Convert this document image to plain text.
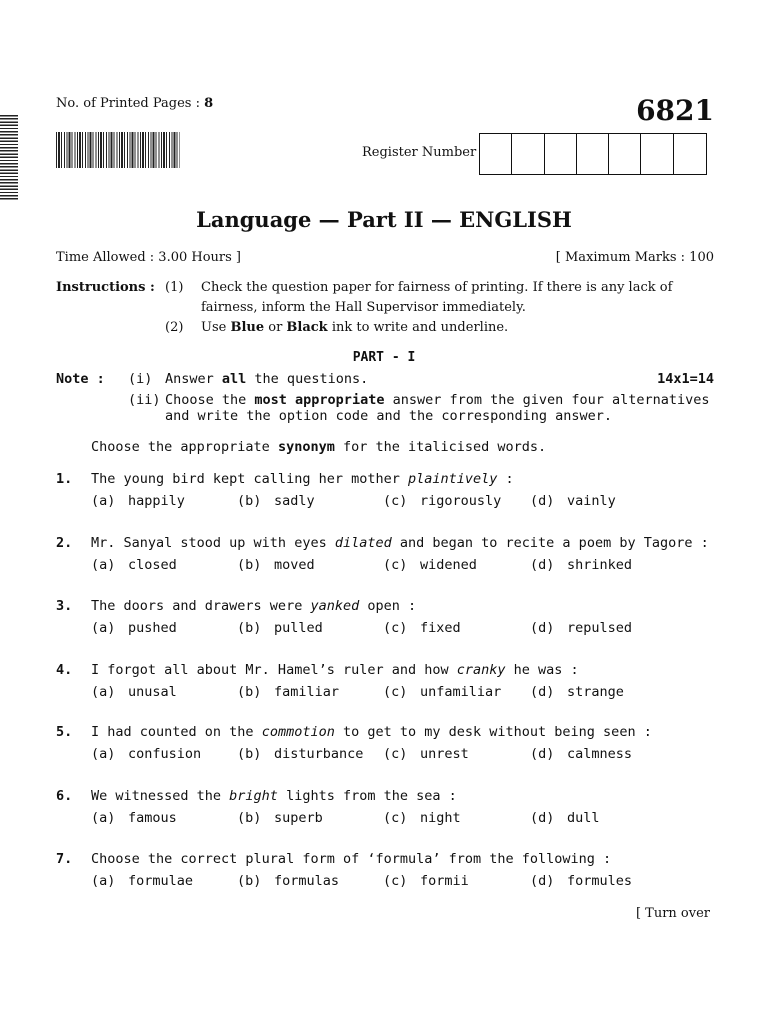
No. of Printed Pages : 8	6821
Register Number
Language — Part II — ENGLISH
Time Allowed : 3.00 Hours ]	[ Maximum Marks : 100
Instructions : (1) Check the question paper for fairness of printing. If there is any lack of
fairness, inform the Hall Supervisor immediately.
(2) Use Blue or Black ink to write and underline.
PART - I
Note :	14x1=14
(i) Answer all the questions.
(ii) Choose the most appropriate answer from the given four alternatives
and write the option code and the corresponding answer.
Choose the appropriate synonym for the italicised words.
1. The young bird kept calling her mother plaintively :
(a) happily	(b) sadly	(c) rigorously (d) vainly
2. Mr. Sanyal stood up with eyes dilated and began to recite a poem by Tagore :
(a) closed	(b) moved	(c) widened	(d) shrinked
3. The doors and drawers were yanked open :
(a) pushed	(b) pulled	(c) fixed	(d) repulsed
4. I forgot all about Mr. Hamel’s ruler and how cranky he was :
(a) unusal	(b) familiar	(c) unfamiliar (d) strange
5. I had counted on the commotion to get to my desk without being seen :
(a) confusion	(b) disturbance (c) unrest	(d) calmness
6. We witnessed the bright lights from the sea :
(a) famous	(b) superb	(c) night	(d) dull
7. Choose the correct plural form of ‘formula’ from the following :
(a) formulae	(b) formulas	(c) formii	(d) formules
[ Turn over
